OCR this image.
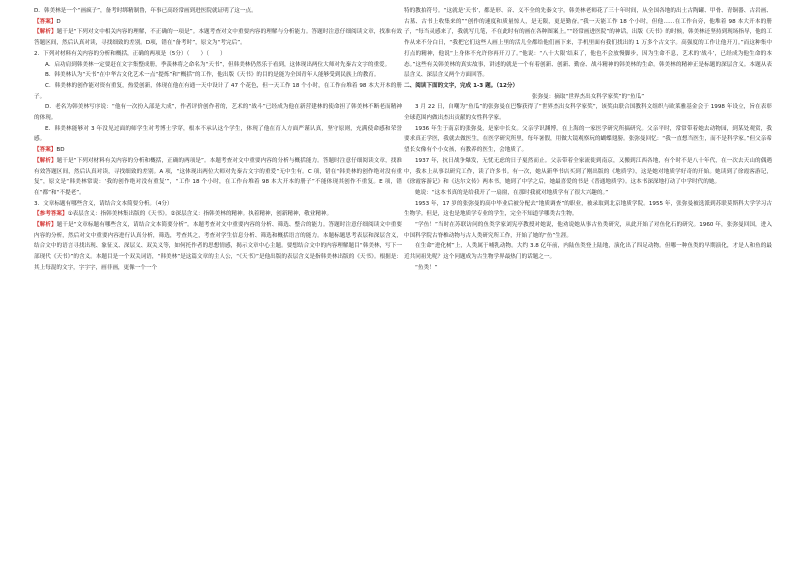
D．韩美林是一个“画疯子”，备考时绑精制鲁，年事已高经常画到进医院就证明了这一点。

【答案】D

【解析】题干是“下列对文中相关内容的理解，不正确的一项是”。本题考查对文中重要内容的理解与分析能力。答题时注意仔细阅读文章，找准有效答题区间，然后认真对读，寻找细致的差别。D项，错在“备考时”，原文为“考完后”。

2．下列对材料有关内容的分析和概括，正确的两项是（5分）（　　）（　　）

A．启功肩到韩美林一定要赶在文字集整成册，季羡林将之命名为“天书”，但韩美林仍然乐于看到，这体现出两位大师对先秦古文字的重爱。

B．韩美林认为“天书”在中华古文化艺术一点“提炼”和“概括”的工作，他出版《天书》的目的是能为全国青年人能够受到民族上的教育。

C．韩美林的创作能对资有重复，热爱创新，体现在他在有通一天中设计了 47 个花色，但一天工作 18 个小时，在工作台堆着 98 本大开本的册子。

D．老名为韩美林写序说：“他有一次扮入部是大成”，作者评价创作者的，艺术的“战斗”已经成为他在新营建林的使命担了韩美林不断老而精神的体现。

E．韩美林能够对 3 年没见过面的师学生对考博士学穿，根本不承认这个学生，体现了他在育人方面严谨认真，坚守原则，充满使命感和荣誉感。

【答案】BD

【解析】题干是“下列对材料有关内容的分析和概括，正确的两项是”。本题考查对文中重要内容的分析与概括能力。答题时注意仔细阅读文章，找准有效答题区间，然后认真对读，寻找细致的差别。A 项，“这体现出两位大师对先秦古文字的重爱”无中生有。C 项，错在“韩美林的创作绝对没有重复”，原文是“韩美林常说：‘我的创作绝对没有重复’”，“工作 18 个小时，在工作台堆着 98 本大开本的册子”不能体现其创作不重复。E 项，错在“都”和“不提老”。

3．文章标题有哪些含义，请结合文本简要分析。（4分）

【参考答案】①表层含义：指韩美林集出版的《天书》。②深层含义：指韩美林的精神。执着精神，创新精神，敬业精神。

【解析】题干是“文章标题有哪些含义，请结合文本简要分析”。本题考查对文中重要内容的分析、筛选、整合的能力。答题时注意仔细阅读文中重要内容的分析，然后对文中重要内容进行认真分析，筛选，考查其之，考查对学生信息分析、筛选和概括语言的能力。本题标题思考表层和深层含义，结合文中的语言寻找出现、象征义、深层义、双关义等，如何托作者的思想情感，揭示文章中心主题。要想结合文中的内容理解题目“韩美林，写下一部现代《天书》”的含义。本题目是一个双关词语，“韩美林”是这篇文章的主人公，“《天书》”是他出版的表层含义是指韩美林出版的《天书》。根据是：其上每混的文字，字字字，画非画，更像一个一个

特的教拍符号。“这就是‘天书’，都是形、音、义不全的先秦文字，韩美林老师花了三十年时间，从全国各地的出土古陶罐、甲骨、青铜器、古岩画、古墓、古书上收集来的”“创作的速度和质量惊人，是无限，更是勤奋。”我一天能工作 18 个小时，但他……在工作台旁，他堆着 98 本大开本的册子，“每当灵感来了，我就写几笔，不在此时有的画在各种图案上。”“经常画进医院”的神话，出版《天书》的时候，韩美林还坚持到现场指导，他的工作从来不分白日，“我把它们这些人画上里的活儿全都给他们画下来，手机里面有我们找出的 1 万多个古文字。高强度的工作让他开刀。”而这种集中打点的精神，他说“上身体不允许你再开刀了。”他说：“八十大限’结束了，他也不会放慢脚步，因为生命不息，艺术的‘战斗’，已经成为他生命的本态。”这些有关韩美林的真实故事，讲述的就是一个有着创新、创新、勤奋、战斗精神的韩美林的生命。韩美林的精神正是标题的深层含义。本题从表层含义、深层含义两个方面回答。

二、阅读下面的文字，完成 1-3 题。（12分）

张弥曼：摘取“世界杰出女科学家奖”的“鱼瓜”

3 月 22 日，自嘲为“鱼瓜”的张弥曼在巴黎获得了“世界杰出女科学家奖”，该奖由联合国教科文组织与欧莱雅基金会于 1998 年设立，旨在表彰全球范围内做出杰出贡献的女性科学家。

1936 年生于南京的张弥曼，是家中长女。父亲学识渊博，在上海的一家医学研究所搞研究。父亲平时，常常带着她去动物园，到某处观赏，我要求真正学医，我就去做医生，在医学研究所里，每年暑假，用做大镜观察玩的蝴蝶翅膀。张弥曼回忆：“我一直想当医生，而不是科学家。”但父亲希望长女像有个小女孩，有教养的医生，会地质了。

1937 年，抗日战争爆发，无忧无虑的日子戛然而止。父亲带着全家流徙到南京，又搬到江西各地，有个时不是八十年代，在一次去天山的偶遇中，我本上从事以研究工作，读了许多书。有一次，她从新华书店买到了刚出版的《地质学》，这是她对地质学好奇的开始。她读到了徐霞客游记，《徐霞客游记》和《达尔文传》两本书，她到了中学之后，她最喜爱的书是《普通地质学》。这本书深深地打动了中学时代的她。

她说：“这本书真的是给我开了一扇窗，在那时我就对地质学有了很大兴趣的。”

1953 年，17 岁的张弥曼的高中毕业后被分配去“地质调查”的职业，被录取到北京地质学院。1955 年，张弥曼被选派到苏联莫斯科大学学习古生物学。但是，这也是地质学专业的学生，完全不知道学哪类古生物。

“学鱼！”当时在苏联访问的鱼类学家刘宪亭教授对她说，他劝说她从事古鱼类研究，从此开始了对鱼化石的研究。1960 年，张弥曼回国，进入中国科学院古脊椎动物与古人类研究所工作，开始了她的“鱼”生涯。

在生命“进化树”上，人类属于哺乳动物。大约 3.8 亿年前，内陆鱼类登上陆地，演化出了四足动物。但哪一种鱼类的早期演化，才是人和鱼的最近共同祖先呢？这个问题成为古生物学界最热门的话题之一。

“鱼类！”
